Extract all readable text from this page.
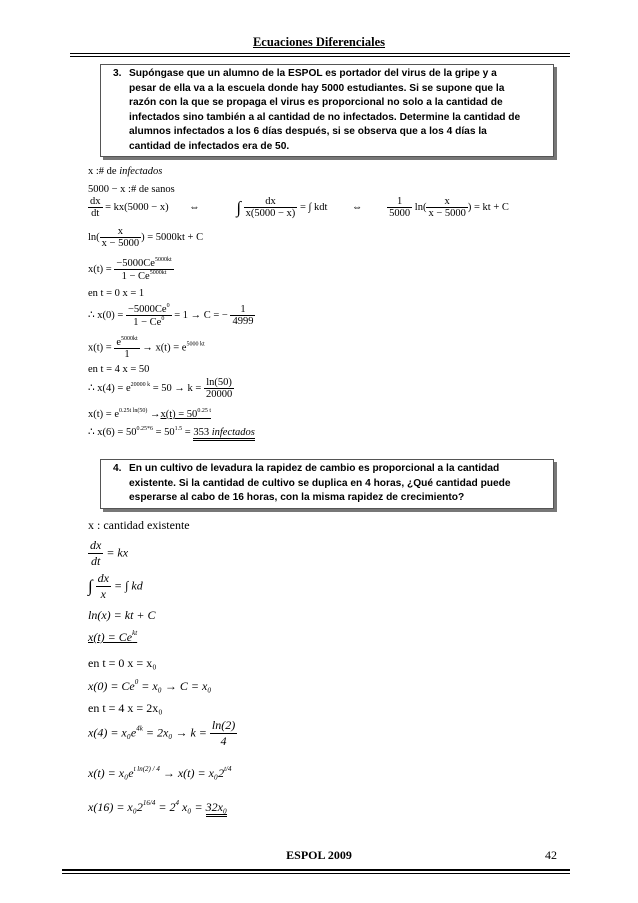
Ecuaciones Diferenciales
3. Supóngase que un alumno de la ESPOL es portador del virus de la gripe y a
pesar de ella va a la escuela donde hay 5000 estudiantes. Si se supone que la
razón con la que se propaga el virus es proporcional no solo a la cantidad de
infectados sino también a al cantidad de no infectados. Determine la cantidad de
alumnos infectados a los 6 días después, si se observa que a los 4 días la
cantidad de infectados era de 50.
x :# de infectados
5000 − x :# de sanos
$\frac{dx}{dt} = kx(5000 - x)$ ⇔ ∫ $\frac{dx}{x(5000 - x)}$ = ∫ kdt ⇔ $\frac{1}{5000} \ln( \frac{x}{x - 5000}$ ) = kt + C
$\ln( \frac{x}{x - 5000}$ ) = 5000kt + C
$x(t) = \frac{-5000Ce^{5000kt}}{1 - Ce^{5000kt}}$
en t = 0 x = 1
∴ $x(0) = \frac{-5000Ce^0}{1 - Ce^0} = 1 \to C$ = − $\frac{1}{4999}$
$x(t) = \frac{e^{5000kt}}{1} \to x(t) = e^{5000 kt}$
en t = 4 x = 50
∴ $x(4) = e^{20000 k} = 50 \to k = \frac{\ln(50)}{20000}$
$x(t) = e^{0.25t ln(50)} \to x(t) = 50^{0.25 t}$
∴ $x(6) = 50^{0.25*6} = 50^{1.5} = 353$ infectados
4. En un cultivo de levadura la rapidez de cambio es proporcional a la cantidad
existente. Si la cantidad de cultivo se duplica en 4 horas, ¿Qué cantidad puede
esperarse al cabo de 16 horas, con la misma rapidez de crecimiento?
x : cantidad existente
$\frac{dx}{dt}$ = kx
∫ $\frac{dx}{x}$ = ∫ kd
ln(x) = kt + C
$x(t) = Ce^{kt}$
en t = 0 x = x₀
$x(0) = Ce^0 = x_0 \to C = x_0$
en t = 4 x = 2x₀
$x(4) = x_0e^{4k} = 2x_0 \to k = \frac{\ln(2)}{4}$
$x(t) = x_0e^{t ln(2) / 4} \to x(t) = x_02^{t/4}$
$x(16) = x_02^{16/4} = 2^4$ x₀ = 32x₀
ESPOL 2009	42
